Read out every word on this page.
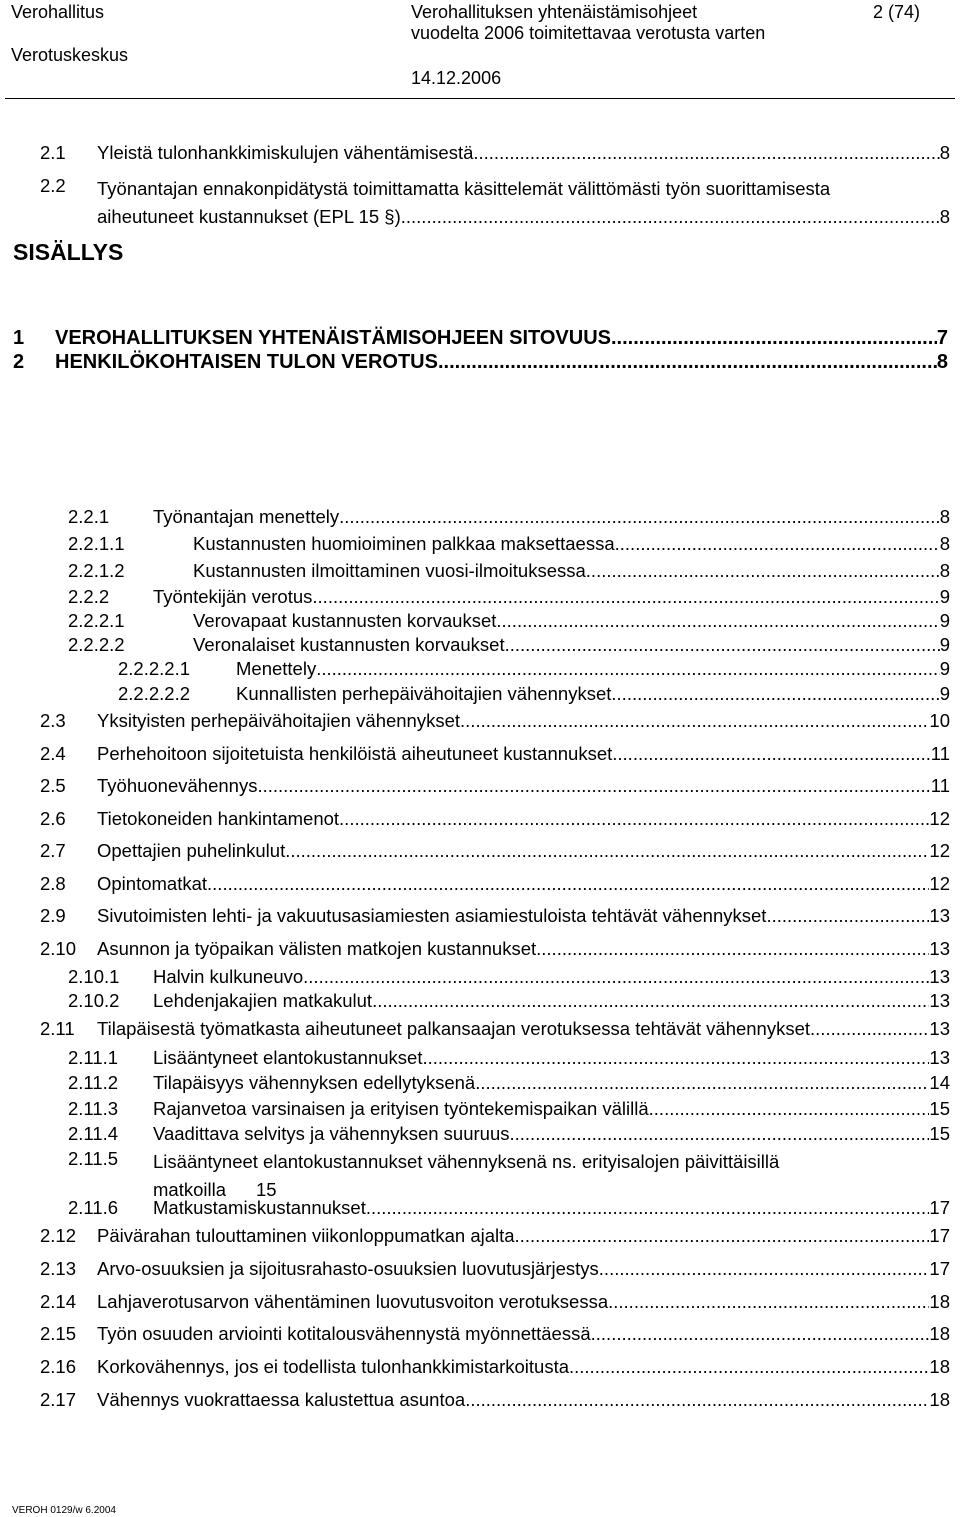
Verohallitus
Verotuskeskus
Verohallituksen yhtenäistämisohjeet
vuodelta 2006 toimitettavaa verotusta varten
14.12.2006
2 (74)
SISÄLLYS
1 VEROHALLITUKSEN YHTENÄISTÄMISOHJEEN SITOVUUS .....	7
2 HENKILÖKOHTAISEN TULON VEROTUS .....	8
2.1 Yleistä tulonhankkimiskulujen vähentämisestä .....	8
2.2 Työnantajan ennakonpidätystä toimittamatta käsittelemät välittömästi työn suorittamisesta
aiheutuneet kustannukset (EPL 15 §) .....	8
2.2.1 Työnantajan menettely .....	8
2.2.1.1	Kustannusten huomioiminen palkkaa maksettaessa .....	8
2.2.1.2	Kustannusten ilmoittaminen vuosi-ilmoituksessa .....	8
2.2.2 Työntekijän verotus .....	9
2.2.2.1	Verovapaat kustannusten korvaukset .....	9
2.2.2.2	Veronalaiset kustannusten korvaukset .....	9
2.2.2.2.1 Menettely .....	9
2.2.2.2.2 Kunnallisten perhepäivähoitajien vähennykset .....	9
2.3 Yksityisten perhepäivähoitajien vähennykset. .....	10
2.4 Perhehoitoon sijoitetuista henkilöistä aiheutuneet kustannukset .....	11
2.5 Työhuonevähennys .....	11
2.6 Tietokoneiden hankintamenot .....	12
2.7 Opettajien puhelinkulut .....	12
2.8 Opintomatkat .....	12
2.9 Sivutoimisten lehti- ja vakuutusasiamiesten asiamiestuloista tehtävät vähennykset .....	13
2.10 Asunnon ja työpaikan välisten matkojen kustannukset .....	13
2.10.1 Halvin kulkuneuvo .....	13
2.10.2 Lehdenjakajien matkakulut .....	13
2.11 Tilapäisestä työmatkasta aiheutuneet palkansaajan verotuksessa tehtävät vähennykset .....	13
2.11.1 Lisääntyneet elantokustannukset .....	13
2.11.2 Tilapäisyys vähennyksen edellytyksenä .....	14
2.11.3 Rajanvetoa varsinaisen ja erityisen työntekemispaikan välillä .....	15
2.11.4 Vaadittava selvitys ja vähennyksen suuruus .....	15
2.11.5 Lisääntyneet elantokustannukset vähennyksenä ns. erityisalojen päivittäisillä
matkoilla 15
2.11.6 Matkustamiskustannukset .....	17
2.12 Päivärahan tulouttaminen viikonloppumatkan ajalta .....	17
2.13 Arvo-osuuksien ja sijoitusrahasto-osuuksien luovutusjärjestys .....	17
2.14 Lahjaverotusarvon vähentäminen luovutusvoiton verotuksessa .....	18
2.15 Työn osuuden arviointi kotitalousvähennystä myönnettäessä .....	18
2.16 Korkovähennys, jos ei todellista tulonhankkimistarkoitusta .....	18
2.17 Vähennys vuokrattaessa kalustettua asuntoa .....	18
VEROH 0129/w 6.2004
